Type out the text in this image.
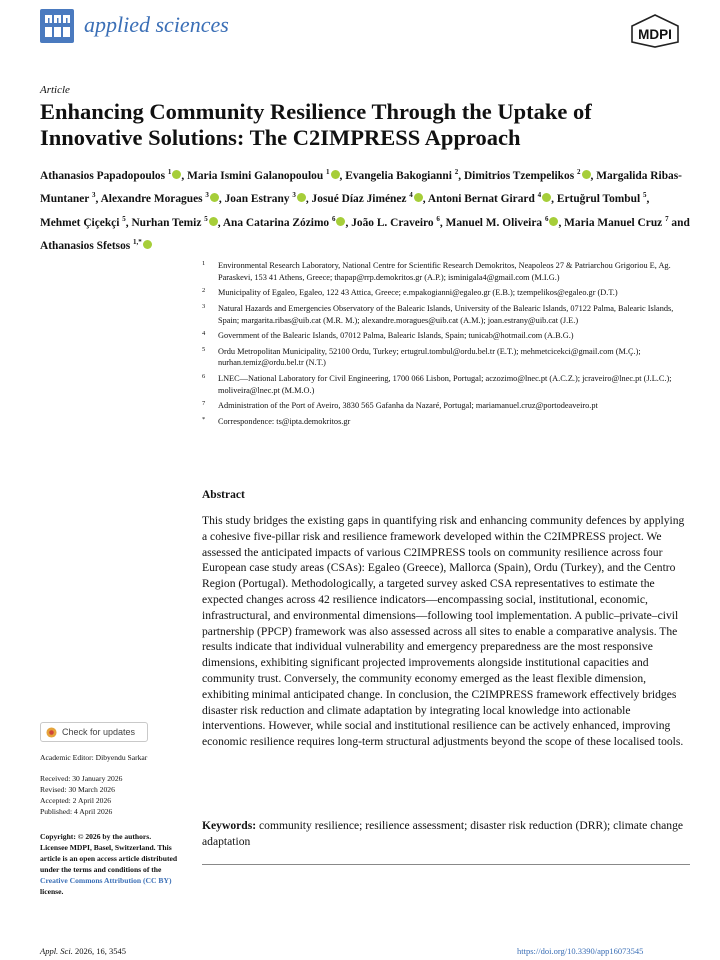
applied sciences	MDPI
Article
Enhancing Community Resilience Through the Uptake of Innovative Solutions: The C2IMPRESS Approach
Athanasios Papadopoulos $^1$ , Maria Ismini Galanopoulou $^1$ , Evangelia Bakogianni $^2$, Dimitrios Tzempelikos $^2$ , Margalida Ribas-Muntaner $^3$, Alexandre Moragues $^3$ , Joan Estrany $^3$ , Josué Díaz Jiménez $^4$ , Antoni Bernat Girard $^4$ , Ertuğrul Tombul $^5$, Mehmet Çiçekçi $^5$, Nurhan Temiz $^5$ , Ana Catarina Zózimo $^6$ , João L. Craveiro $^6$, Manuel M. Oliveira $^6$ , Maria Manuel Cruz $^7$ and Athanasios Sfetsos $^{1,*}$
1 Environmental Research Laboratory, National Centre for Scientific Research Demokritos, Neapoleos 27 & Patriarchou Grigoriou E, Ag. Paraskevi, 153 41 Athens, Greece; thapap@rrp.demokritos.gr (A.P.); isminigala4@gmail.com (M.I.G.)
2 Municipality of Egaleo, Egaleo, 122 43 Attica, Greece; e.mpakogianni@egaleo.gr (E.B.); tzempelikos@egaleo.gr (D.T.)
3 Natural Hazards and Emergencies Observatory of the Balearic Islands, University of the Balearic Islands, 07122 Palma, Balearic Islands, Spain; margarita.ribas@uib.cat (M.R. M.); alexandre.moragues@uib.cat (A.M.); joan.estrany@uib.cat (J.E.)
4 Government of the Balearic Islands, 07012 Palma, Balearic Islands, Spain; tunicab@hotmail.com (A.B.G.)
5 Ordu Metropolitan Municipality, 52100 Ordu, Turkey; ertugrul.tombul@ordu.bel.tr (E.T.); mehmetcicekci@gmail.com (M.Ç.); nurhan.temiz@ordu.bel.tr (N.T.)
6 LNEC—National Laboratory for Civil Engineering, 1700 066 Lisbon, Portugal; aczozimo@lnec.pt (A.C.Z.); jcraveiro@lnec.pt (J.L.C.); moliveira@lnec.pt (M.M.O.)
7 Administration of the Port of Aveiro, 3830 565 Gafanha da Nazaré, Portugal; mariamanuel.cruz@portodeaveiro.pt
* Correspondence: ts@ipta.demokritos.gr
Abstract
This study bridges the existing gaps in quantifying risk and enhancing community defences by applying a cohesive five-pillar risk and resilience framework developed within the C2IMPRESS project. We assessed the anticipated impacts of various C2IMPRESS tools on community resilience across four European case study areas (CSAs): Egaleo (Greece), Mallorca (Spain), Ordu (Turkey), and the Centro Region (Portugal). Methodologically, a targeted survey asked CSA representatives to estimate the expected changes across 42 resilience indicators—encompassing social, institutional, economic, infrastructural, and environmental dimensions—following tool implementation. A public–private–civil partnership (PPCP) framework was also assessed across all sites to enable a comparative analysis. The results indicate that individual vulnerability and emergency preparedness are the most responsive dimensions, exhibiting significant projected improvements alongside institutional capacities and community trust. Conversely, the community economy emerged as the least flexible dimension, exhibiting minimal anticipated change. In conclusion, the C2IMPRESS framework effectively bridges disaster risk reduction and climate adaptation by integrating local knowledge into actionable interventions. However, while social and institutional resilience can be actively enhanced, improving economic resilience requires long-term structural adjustments beyond the scope of these localised tools.
Keywords: community resilience; resilience assessment; disaster risk reduction (DRR); climate change adaptation
Check for updates
Academic Editor: Dibyendu Sarkar
Received: 30 January 2026
Revised: 30 March 2026
Accepted: 2 April 2026
Published: 4 April 2026
Copyright: © 2026 by the authors. Licensee MDPI, Basel, Switzerland. This article is an open access article distributed under the terms and conditions of the Creative Commons Attribution (CC BY) license.
Appl. Sci. 2026, 16, 3545	https://doi.org/10.3390/app16073545
